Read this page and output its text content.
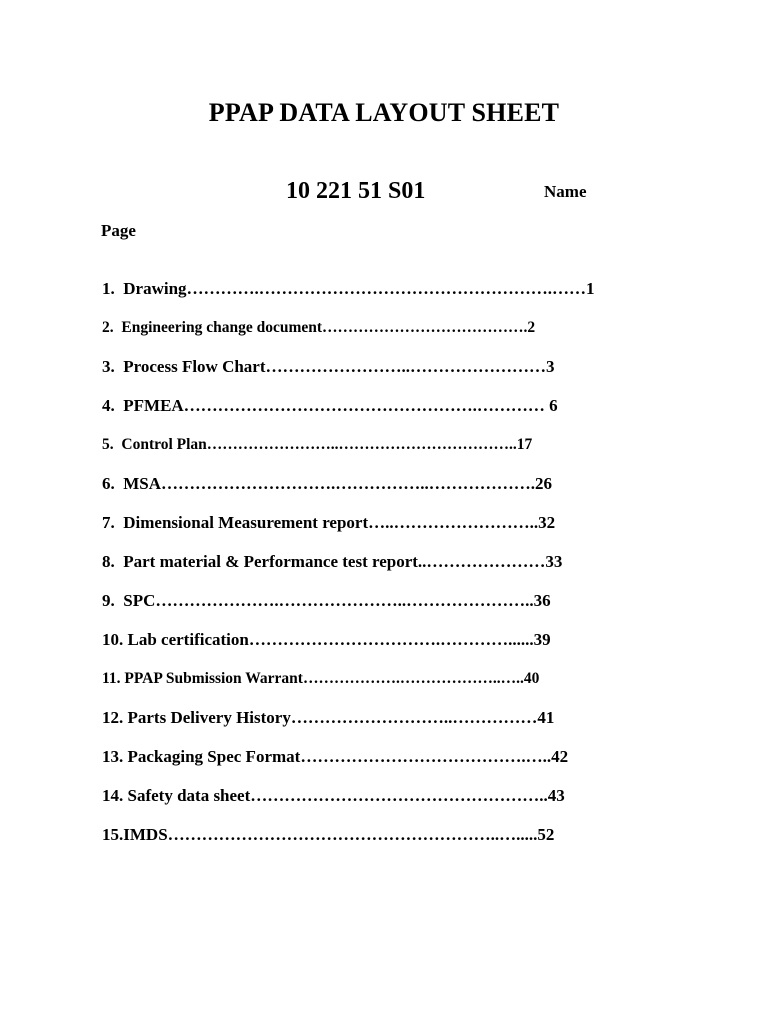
PPAP DATA LAYOUT SHEET
10 221 51 S01	Name
Page
1.  Drawing………….…………………………………………….……1
2.  Engineering change document………………………………….2
3.  Process Flow Chart……………………..……………………3
4.  PFMEA…………………………………………….………… 6
5.  Control Plan……………………..……………………………..17
6.  MSA………………………….……………..……………….26
7.  Dimensional Measurement report…..……………………..32
8.  Part material & Performance test report..…………………33
9.  SPC………………….…………………..…………………..36
10. Lab certification…………………………….…………......39
11. PPAP Submission Warrant……………….………………..…..40
12. Parts Delivery History………………………..……………41
13. Packaging Spec Format………………………………….…..42
14. Safety data sheet……………………………………………..43
15.IMDS…………………………………………………..….....52
